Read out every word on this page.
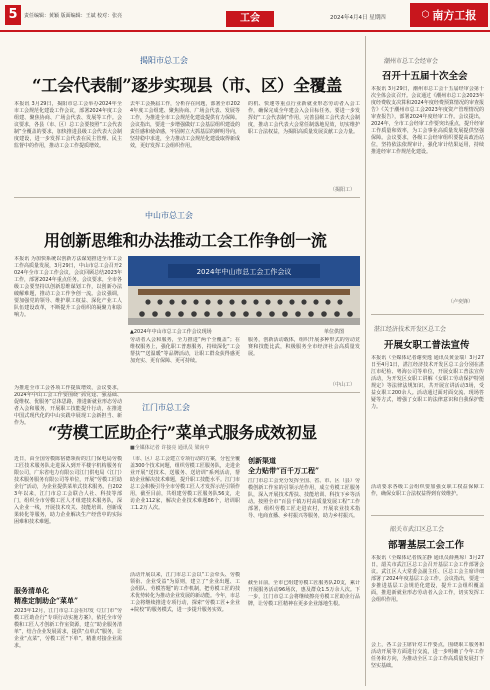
5	责任编辑：黄颖 版面编辑：王斌 校对：张亮	工会	2024年4月4日 星期四	⬡ 南方工报
揭阳市总工会
“工会代表制”逐步实现县（市、区）全覆盖
本报讯 3月29日，揭阳市总工会举办2024年全市工会规范化建设工作会议，部署2024年度工会组建、聚焦协商、广场会代表、发展等工作。会议要求，各县（市、区）总工会要按照“工会代表制”全覆盖的要求，加快推进县级工会代表大会制度建设，进一步发挥工会代表在民主管理、民主监督中的作用，推动工会工作提质增效。
去年工会换届工作，分析存在问题，部署全市2024年度工会组建、聚焦协商、广场会代表、发展等工作，为推进全市工会规范化建设提供有力保障。会议指出，要进一步增强做好工会基层组织建设的责任感和使命感，牢固树立大抓基层的鲜明导向，坚持稳中求进，全力推动工会规范化建设取得新成效，更好发挥工会组织作用。
的机、快速等重点行业新就业形态劳动者入会工作，确保完成全年建会入会目标任务。要进一步发挥好“工会代表制”作用，完善县级工会代表大会制度，推动工会代表大会常任制落地见效，切实维护职工合法权益，为揭阳高质量发展贡献工会力量。
（揭阳工）
中山市总工会
用创新思维和办法推动工会工作争创一流
本报讯 为加快系统以创新方法谋划推进全市工会工作高质量发展，3月29日，中山市总工会召开2024年全市工会工作会议，会议回顾总结2023年工作，部署2024年重点任务。会议要求，全市各级工会要坚持以创新思维谋划工作，以创新办法破解难题，推动工会工作争创一流。会议强调，要加强党的领导、维护职工权益、深化产业工人队伍建设改革，不断提升工会组织的凝聚力和影响力。
为推进全市工会各项工作提质增效，会议要求，2024年中山工会工作要围绕“抓党建、强基础、促维权、优服务”总体思路，推进新就业形态劳动者入会和服务，开展职工技能提升行动，在推进中国式现代化的中山实践中展现工会新担当、新作为。
2024年中山市总工会工作会议
▲2024年中山市总工会工作会议现场	单位供图
劳动者入会和服务，全力推进“两个全覆盖”；在维权服务上，强化职工普惠服务，持续深化“工会帮扶”“送温暖”等品牌活动，让职工群众获得感更加充实、更有保障、更可持续。
服务，创新活动载体，组织开展多种形式的劳动竞赛和技能比武，积极服务全市经济社会高质量发展。
（中山工）
江门市总工会
“劳模工匠助企行”菜单式服务成效初显
■全媒体记者 许接亮 通讯员 梁向中
近日，由全国劳模陈宿德领衔的江门保电局劳模工匠技术服务队走进深入到开平楼宇机构服务有限公司，广东省电力有限公司江门供电局（江门）技术服务服务有限公司等单位，开展“劳模工匠助企行”活动，为企业提供菜单式技术服务。自2023年以来，江门市总工会联合人社、科技等部门，组织全市劳模工匠人才组建技术服务队，深入企业一线，开展技术攻关、技能培训、创新成果转化等服务，助力企业解决生产经营中的实际困难和技术难题。
服务清单化
精准定制助企“菜单”
2023年12月，江门市总工会在印发《江门市“劳模工匠助企行”专项行动实施方案》，依托全市劳模和工匠人才创新工作室资源，建立“助企服务清单”，结合企业发展需求，提供“点单式”服务，让企业“点菜”，劳模工匠“下单”，精准对接企业需求。
（市、区）总工会建立专项行动的方案，分包全覆盖300个技术问题，组织劳模工匠服务队，走进企业开展“送技术、送服务、送培训”系列活动，帮助企业解决技术难题，提升职工技能水平。江门市总工会积极引导全市劳模工匠人才发挥示范引领作用，截至目前，共组建劳模工匠服务队56支，走访企业112家，解决企业技术难题86个，培训职工1.2万人次。
活动开展以来，江门市总工会以“工会牵头、劳模领衔、企业受益”为原则，建立了“企业出题、工会组队、劳模答题”的工作机制，把劳模工匠的技术优势转化为推动企业发展的新动能。今年，市总工会将继续推进专项行动，探索“劳模工匠+企业+院校”的服务模式，进一步提升服务实效。
创新渠道
全力贴带“百千万工程”
江门市总工会充分发挥全国、省、市、区（县）劳模创新工作室的引领示范作用，成立劳模工匠服务队，深入开展技术帮扶、技能培训、科技下乡等活动。按照全市“百县千镇万村高质量发展工程”工作部署，组织劳模工匠走进农村，开展农业技术指导、电商直播、乡村振兴等服务，助力乡村振兴。
截至目前，全市已组建劳模工匠服务队20支，累计开展服务活动96场次，惠及群众1.5万余人次。下一步，江门市总工会将继续擦亮劳模工匠助企行品牌，让劳模工匠精神在更多企业落地生根。
潮州市总工会经审会
召开十五届十次全会
本报讯 3月29日，潮州市总工会十五届经审会第十次全体会议召开。会议通过《潮州市总工会2023年度经费收支决算和2024年度经费预算情况的审查报告》《关于潮州市总工会2023年度资产管理情况的审查报告》，部署2024年度经审工作。会议提出，2024年，全市工会经审工作要突出重点，提升经审工作质量和效率，为工会事业高质量发展提供坚强保障。会议要求，各级工会经审组织要提高政治站位，坚持依法依规审计，强化审计结果运用，持续推进经审工作规范化建设。
（卢奕锋）
湛江经济技术开发区总工会
开展女职工普法宣传
本报讯（全媒体记者谢奕逸 通讯员黄金瑞）3月27日至4月1日，湛江经济技术开发区总工会分别在湛江市纪检、粤海公司等单位，开展女职工普法宣传活动，为开发区女职工讲解《女职工劳动保护特别规定》等法律法规知识，共开展宣讲活动3场，受益女职工200余人。活动通过面对面交流、现场答疑等方式，增强了女职工的法律意识和自我保护能力。
活动要求各级工会组织要加强女职工权益保障工作，确保女职工合法权益得到有效维护。
韶关市武江区总工会
部署基层工会工作
本报讯（全媒体记者钱芷静 通讯员薛燕琼）3月27日，韶关市武江区总工会召开基层工会工作部署会议。武江区人大常委会副主任、区总工会主席详细部署了2024年度基层工会工作。会议指出，要进一步推进基层工会规范化建设，提升工会组织覆盖面，推进新就业形态劳动者入会工作，切实发挥工会组织作用。
会上，各工会主席针对工作要点，围绕职工服务和活动开展等方面进行交流，进一步明确了今年工作任务和方向，为推动全区工会工作高质量发展打下坚实基础。
